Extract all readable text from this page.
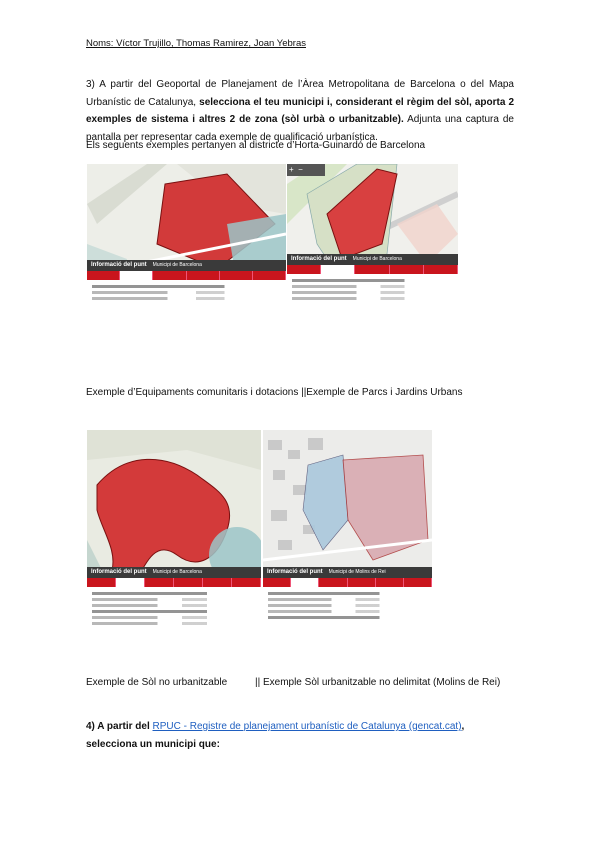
Noms: Víctor Trujillo, Thomas Ramirez, Joan Yebras
3) A partir del Geoportal de Planejament de l’Àrea Metropolitana de Barcelona o del Mapa Urbanístic de Catalunya, selecciona el teu municipi i, considerant el règim del sòl, aporta 2 exemples de sistema i altres 2 de zona (sòl urbà o urbanitzable). Adjunta una captura de pantalla per representar cada exemple de qualificació urbanística.
Els seguents exemples pertanyen al districte d’Horta-Guinardó de Barcelona
Informació del punt Municipi de Barcelona
+ −
Informació del punt Municipi de Barcelona
Exemple d’Equipaments comunitaris i dotacions ||Exemple de Parcs i Jardins Urbans
Informació del punt Municipi de Barcelona	Informació del punt Municipi de Molins de Rei
Exemple de Sòl no urbanitzable          || Exemple Sòl urbanitzable no delimitat (Molins de Rei)
4) A partir del RPUC - Registre de planejament urbanístic de Catalunya (gencat.cat), selecciona un municipi que:
